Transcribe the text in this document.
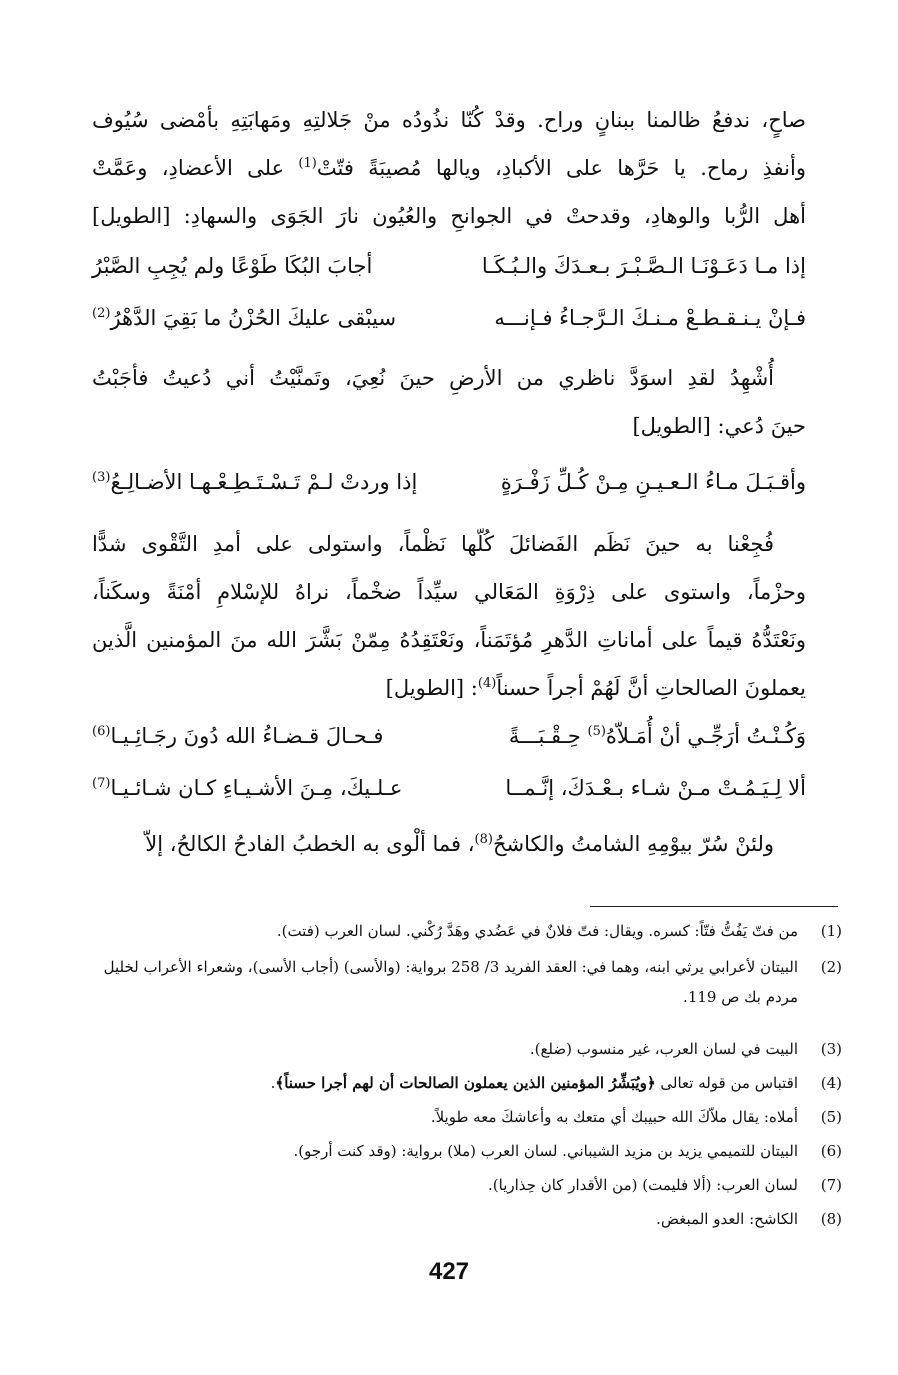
صاحٍ، ندفعُ ظالمنا ببنانٍ وراح. وقدْ كُنّا نذُودُه منْ جَلالتِهِ ومَهابَتِهِ بأمْضى سُيُوف
وأنفذِ رماح. يا حَرَّها على الأكبادِ، ويالها مُصيبَةً فتّتْ$^{(1)}$ على الأعضادِ، وعَمَّتْ
أهل الرُّبا والوهادِ، وقدحتْ في الجوانحِ والعُيُون نارَ الجَوَى والسهادِ: [الطويل]
إذا مـا دَعَـوْنَـا الـصَّـبْـرَ بـعـدَكَ والـبُـكَـا
أجابَ البُكَا طَوْعًا ولم يُجِبِ الصَّبْرُ
فـإنْ يـنـقـطـعْ مـنـكَ الـرَّجـاءُ فـإنـــه
سيبْقى عليكَ الحُزْنُ ما بَقِيَ الدَّهْرُ$^{(2)}$
أُشْهِدُ لقدِ اسوَدَّ ناظري من الأرضِ حينَ نُعِيَ، وتَمنَّيْتُ أني دُعيتُ فأجَبْتُ
حينَ دُعي: [الطويل]
وأقـبَـلَ مـاءُ الـعـيـنِ مِـنْ كُـلِّ زَفْـرَةٍ
إذا وردتْ لـمْ تَـسْـتَـطِـعْـهـا الأضـالِـعُ$^{(3)}$
فُجِعْنا به حينَ نَظَم الفَضائلَ كُلّها نَظْماً، واستولى على أمدِ التَّقْوى شدًّا
وحزْماً، واستوى على ذِرْوَةِ المَعَالي سيِّداً ضخْماً، نراهُ للإسْلامِ أمْنَةً وسكَناً،
ونَعْتَدُّهُ قيماً على أماناتِ الدَّهرِ مُؤتَمَناً، ونَعْتَقِدُهُ مِمّنْ بَشَّرَ الله منَ المؤمنين الَّذين
يعملونَ الصالحاتِ أنَّ لَهُمْ أجراً حسناً$^{(4)}$: [الطويل]
وَكُـنْـتُ أرَجِّـي أنْ أُمَـلاّهُ$^{(5)}$ حِـقْـبَـــةً
فـحـالَ قـضـاءُ الله دُونَ رجَـائِـيـا$^{(6)}$
ألا لِـيَـمُـتْ مـنْ شـاء بـعْـدَكَ، إنَّـمــا
عـلـيكَ، مِـنَ الأشـيـاءِ كـان شـائـيـا$^{(7)}$
ولئنْ سُرّ بيوْمِهِ الشامتُ والكاشحُ$^{(8)}$، فما ألْوى به الخطبُ الفادحُ الكالحُ، إلاّ
(1)
من فتّ يَفُتُّ فتّاً: كسره. ويقال: فتّ فلانٌ في عَضُدي وهَدَّ رُكْني. لسان العرب (فتت).
(2)
البيتان لأعرابي يرثي ابنه، وهما في: العقد الفريد 3/ 258 برواية: (والأسى) (أجاب الأسى)، وشعراء الأعراب لخليل مردم بك ص 119.
(3)
البيت في لسان العرب، غير منسوب (ضلع).
(4)
اقتباس من قوله تعالى ﴿ويُبَشِّرُ المؤمنين الذين يعملون الصالحات أن لهم أجرا حسناً﴾.
(5)
أملاه: يقال ملاّكَ الله حبيبك أي متعك به وأعاشكَ معه طويلاً.
(6)
البيتان للتميمي يزيد بن مزيد الشيباني. لسان العرب (ملا) برواية: (وقد كنت أرجو).
(7)
لسان العرب: (ألا فليمت) (من الأقدار كان حِذاريا).
(8)
الكاشح: العدو المبغض.
427
